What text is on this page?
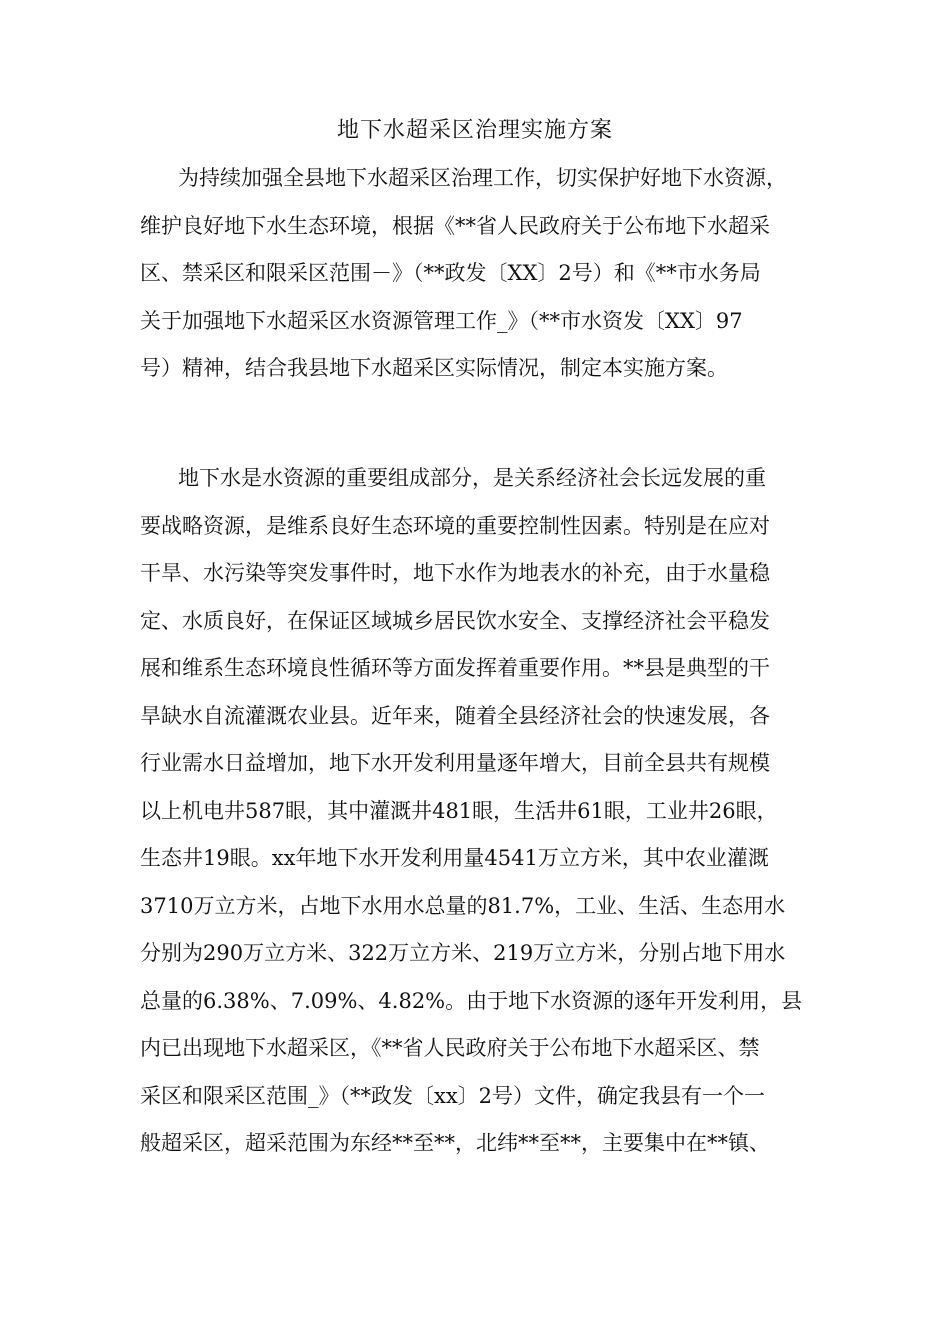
地下水超采区治理实施方案
为持续加强全县地下水超采区治理工作，切实保护好地下水资源，
维护良好地下水生态环境，根据《**省人民政府关于公布地下水超采
区、禁采区和限采区范围－》（**政发〔XX〕2号）和《**市水务局
关于加强地下水超采区水资源管理工作_》（**市水资发〔XX〕97
号）精神，结合我县地下水超采区实际情况，制定本实施方案。
地下水是水资源的重要组成部分，是关系经济社会长远发展的重
要战略资源，是维系良好生态环境的重要控制性因素。特别是在应对
干旱、水污染等突发事件时，地下水作为地表水的补充，由于水量稳
定、水质良好，在保证区域城乡居民饮水安全、支撑经济社会平稳发
展和维系生态环境良性循环等方面发挥着重要作用。**县是典型的干
旱缺水自流灌溉农业县。近年来，随着全县经济社会的快速发展，各
行业需水日益增加，地下水开发利用量逐年增大，目前全县共有规模
以上机电井587眼，其中灌溉井481眼，生活井61眼，工业井26眼，
生态井19眼。xx年地下水开发利用量4541万立方米，其中农业灌溉
3710万立方米，占地下水用水总量的81.7%，工业、生活、生态用水
分别为290万立方米、322万立方米、219万立方米，分别占地下用水
总量的6.38%、7.09%、4.82%。由于地下水资源的逐年开发利用，县
内已出现地下水超采区，《**省人民政府关于公布地下水超采区、禁
采区和限采区范围_》（**政发〔xx〕2号）文件，确定我县有一个一
般超采区，超采范围为东经**至**，北纬**至**，主要集中在**镇、
